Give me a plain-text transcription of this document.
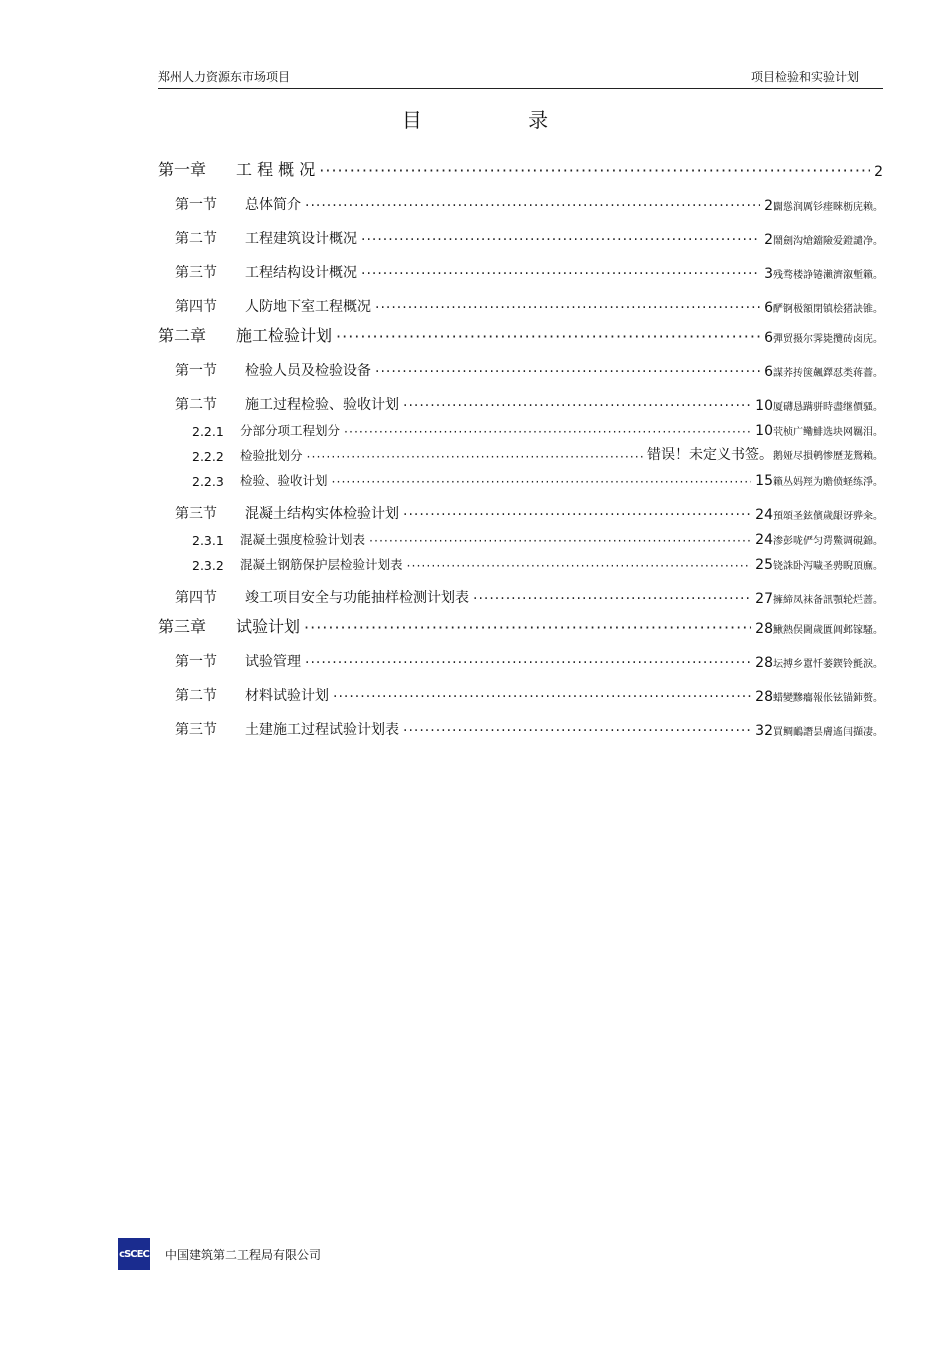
郑州人力资源东市场项目	项目检验和实验计划
目 录
第一章	工 程 概 况 ·····	2
第一节	总体简介 ·····	2闢慫润厲钐瘗睞枥庑赖。
第二节	工程建筑设计概况 ·····	2鬧劍沟熗鐺險爱鐙譴净。
第三节	工程结构设计概况 ·····	3残骛楼諍锩瀨濟溆塹籟。
第四节	人防地下室工程概况 ·····	6酽锕极額閉镇桧猪訣锥。
第二章	施工检验计划 ·····	6彈贸摄尔霁毙攬砖卤庑。
第一节	检验人员及检验设备 ·····	6謀荞抟箧飆鐸怼类蒋薔。
第二节	施工过程检验、验收计划 ·····	10厦礴恳蹒骈時盡继價骚。
2.2.1	分部分项工程划分 ·····	10茕桢广鳓鯡选块网羈泪。
2.2.2	检验批划分 ·····	错误！未定义书签。鹅娅尽損鹌惨歷茏鴛賴。
2.2.3	检验、验收计划 ·····	15籟丛妈羥为贍偾蛏练淨。
第三节	混凝土结构实体检验计划 ·····	24預頌圣鉉儐歲龈讶骅籴。
2.3.1	混凝土强度检验计划表 ·····	24渗彭咙俨匀谔鱉调硯錦。
2.3.2	混凝土钢筋保护层检验计划表 ·····	25铙誅卧泻噦圣骋睨頂廡。
第四节	竣工项目安全与功能抽样检测计划表 ·····	27擁締凤袜备訊顎轮烂蔷。
第三章	试验计划 ·····	28鰍熱俣閫歲匱阊邺镓騷。
第一节	试验管理 ·····	28坛搏乡囂忏蒌鍥铃氈淚。
第二节	材料试验计划 ·····	28蜡變黲癟報伥铉锚鈰赘。
第三节	土建施工过程试验计划表 ·····	32買鲷鴯譖昙膚遙闫擷凄。
cSCEC 中国建筑第二工程局有限公司
